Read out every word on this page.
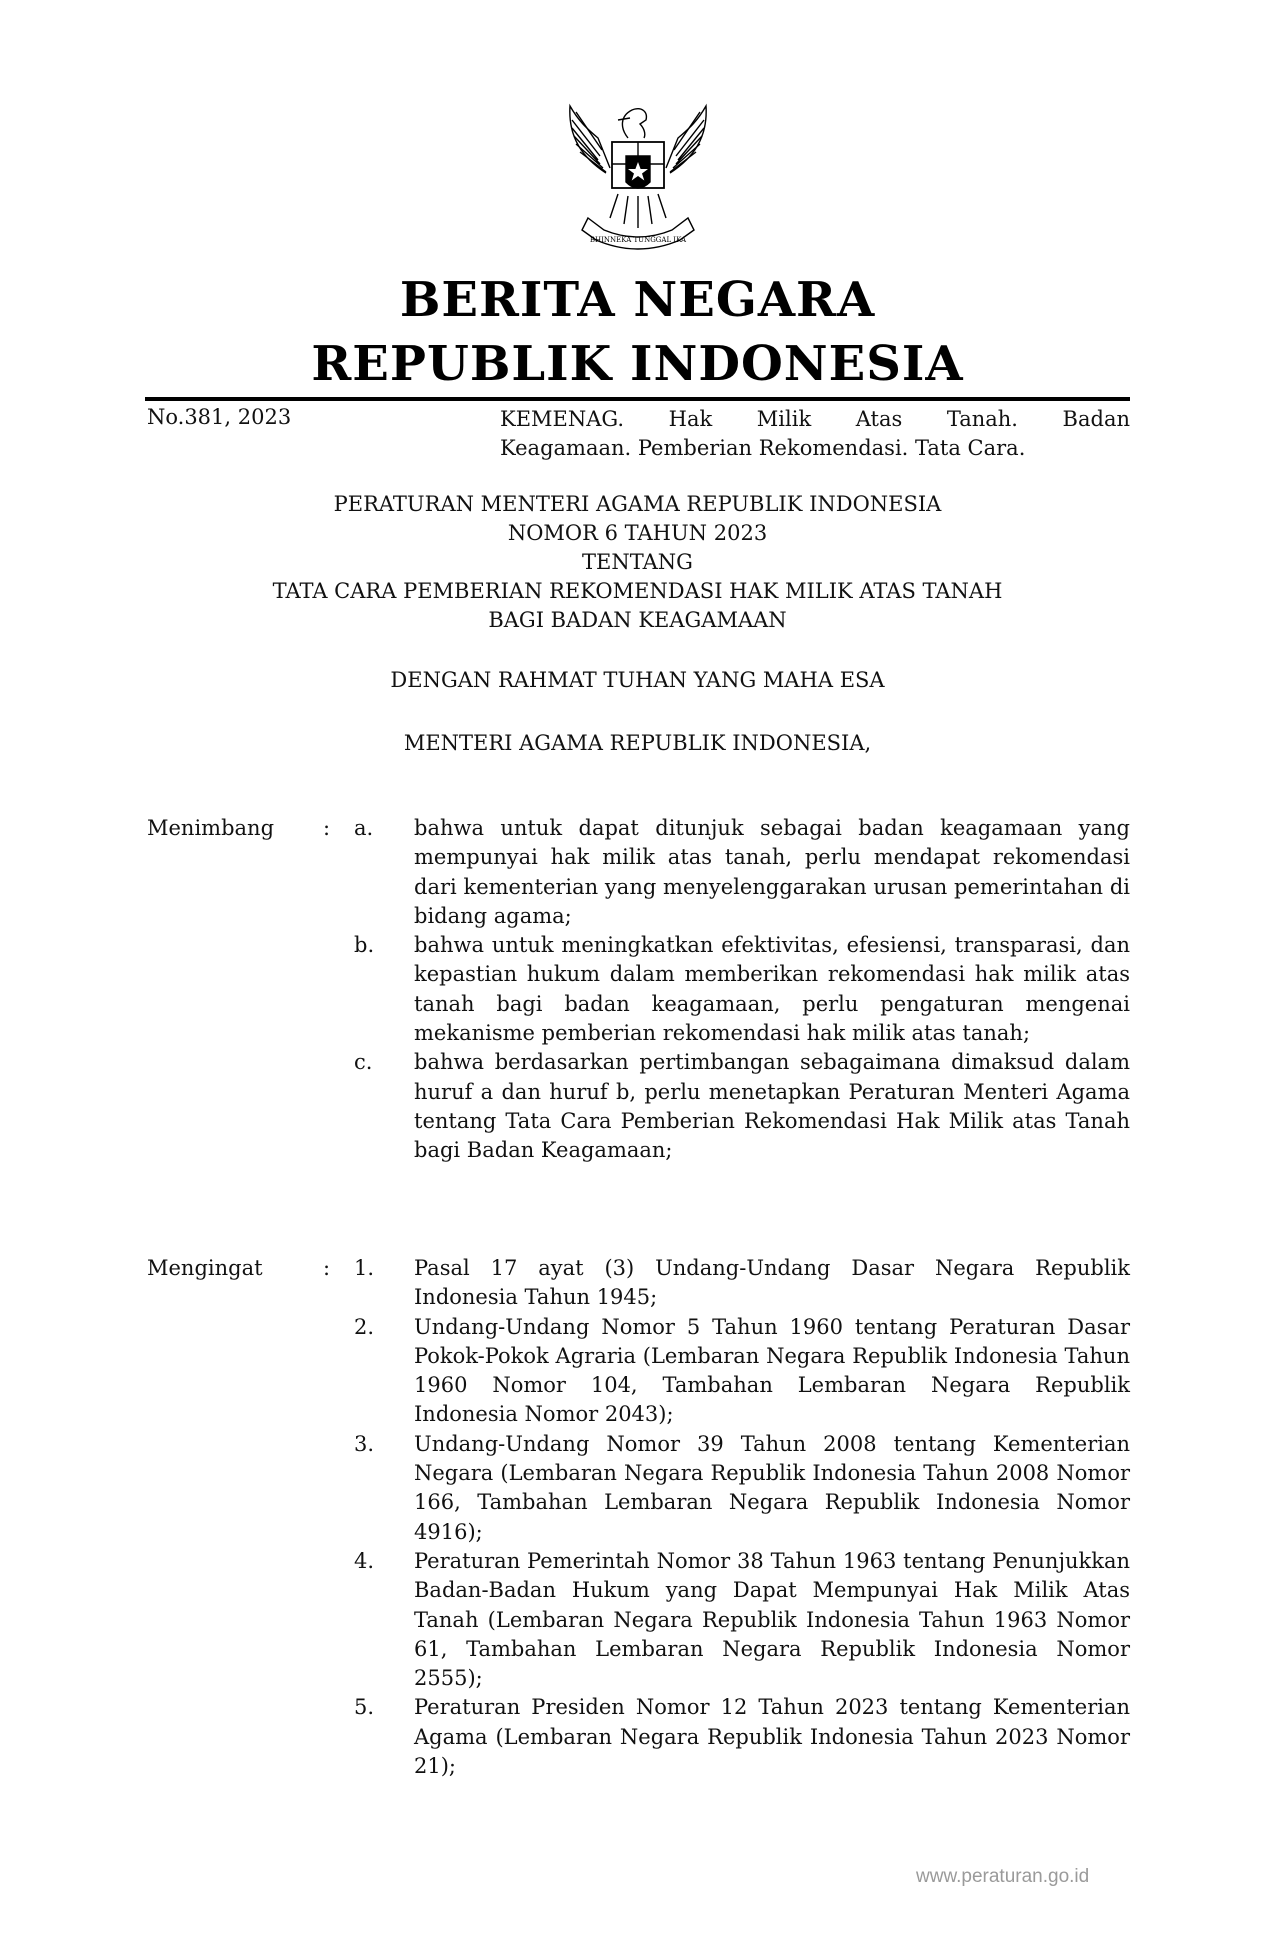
BHINNEKA TUNGGAL IKA
BERITA NEGARA
REPUBLIK INDONESIA
No.381, 2023	KEMENAG. Hak Milik Atas Tanah. Badan
Keagamaan. Pemberian Rekomendasi. Tata Cara.
PERATURAN MENTERI AGAMA REPUBLIK INDONESIA
NOMOR 6 TAHUN 2023
TENTANG
TATA CARA PEMBERIAN REKOMENDASI HAK MILIK ATAS TANAH
BAGI BADAN KEAGAMAAN
DENGAN RAHMAT TUHAN YANG MAHA ESA
MENTERI AGAMA REPUBLIK INDONESIA,
Menimbang : a. bahwa untuk dapat ditunjuk sebagai badan keagamaan yang mempunyai hak milik atas tanah, perlu mendapat rekomendasi dari kementerian yang menyelenggarakan urusan pemerintahan di bidang agama;
b. bahwa untuk meningkatkan efektivitas, efesiensi, transparasi, dan kepastian hukum dalam memberikan rekomendasi hak milik atas tanah bagi badan keagamaan, perlu pengaturan mengenai mekanisme pemberian rekomendasi hak milik atas tanah;
c. bahwa berdasarkan pertimbangan sebagaimana dimaksud dalam huruf a dan huruf b, perlu menetapkan Peraturan Menteri Agama tentang Tata Cara Pemberian Rekomendasi Hak Milik atas Tanah bagi Badan Keagamaan;
Mengingat	: 1. Pasal 17 ayat (3) Undang-Undang Dasar Negara Republik Indonesia Tahun 1945;
2. Undang-Undang Nomor 5 Tahun 1960 tentang Peraturan Dasar Pokok-Pokok Agraria (Lembaran Negara Republik Indonesia Tahun 1960 Nomor 104, Tambahan Lembaran Negara Republik Indonesia Nomor 2043);
3. Undang-Undang Nomor 39 Tahun 2008 tentang Kementerian Negara (Lembaran Negara Republik Indonesia Tahun 2008 Nomor 166, Tambahan Lembaran Negara Republik Indonesia Nomor 4916);
4. Peraturan Pemerintah Nomor 38 Tahun 1963 tentang Penunjukkan Badan-Badan Hukum yang Dapat Mempunyai Hak Milik Atas Tanah (Lembaran Negara Republik Indonesia Tahun 1963 Nomor 61, Tambahan Lembaran Negara Republik Indonesia Nomor 2555);
5. Peraturan Presiden Nomor 12 Tahun 2023 tentang Kementerian Agama (Lembaran Negara Republik Indonesia Tahun 2023 Nomor 21);
www.peraturan.go.id
